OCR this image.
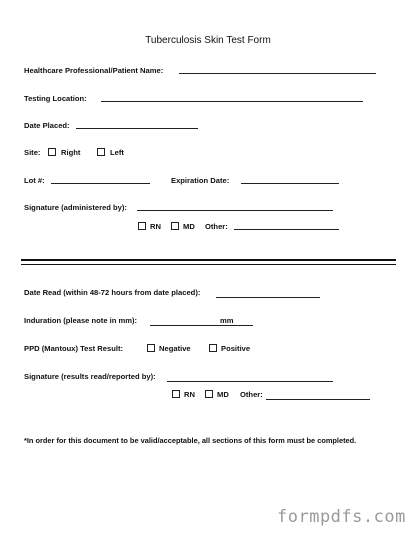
Tuberculosis Skin Test Form
Healthcare Professional/Patient Name:
Testing Location:
Date Placed:
Site:	Right	Left
Lot #:	Expiration Date:
Signature (administered by):
RN	MD Other:
Date Read (within 48-72 hours from date placed):
Induration (please note in mm):	mm
PPD (Mantoux) Test Result:	Negative	Positive
Signature (results read/reported by):
RN	MD Other:
*In order for this document to be valid/acceptable, all sections of this form must be completed.
formpdfs.com
